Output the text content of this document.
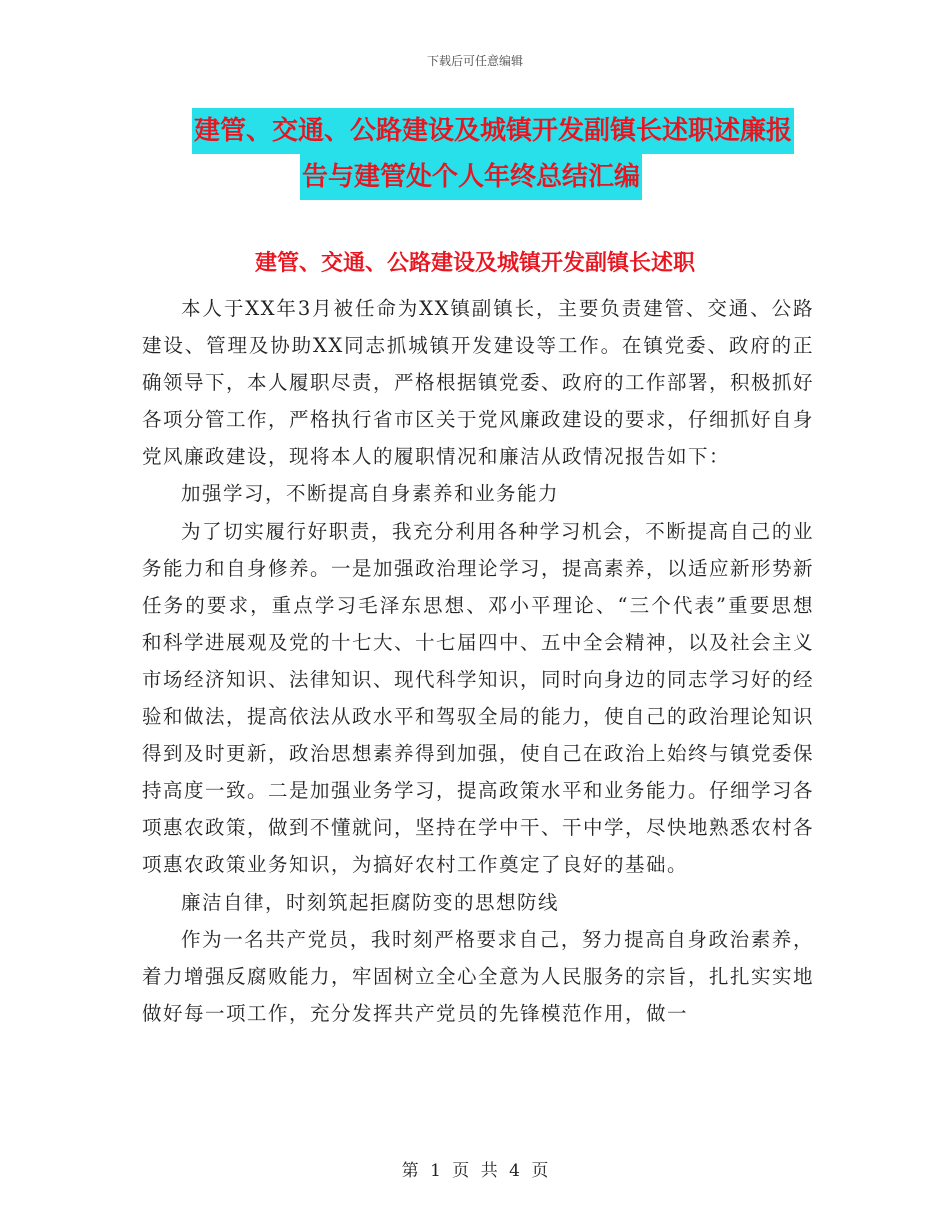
下载后可任意编辑
建管、交通、公路建设及城镇开发副镇长述职述廉报
告与建管处个人年终总结汇编
建管、交通、公路建设及城镇开发副镇长述职

本人于XX年3月被任命为XX镇副镇长，主要负责建管、交通、公路建设、管理及协助XX同志抓城镇开发建设等工作。在镇党委、政府的正确领导下，本人履职尽责，严格根据镇党委、政府的工作部署，积极抓好各项分管工作，严格执行省市区关于党风廉政建设的要求，仔细抓好自身党风廉政建设，现将本人的履职情况和廉洁从政情况报告如下：

加强学习，不断提高自身素养和业务能力

为了切实履行好职责，我充分利用各种学习机会，不断提高自己的业务能力和自身修养。一是加强政治理论学习，提高素养，以适应新形势新任务的要求，重点学习毛泽东思想、邓小平理论、“三个代表”重要思想和科学进展观及党的十七大、十七届四中、五中全会精神，以及社会主义市场经济知识、法律知识、现代科学知识，同时向身边的同志学习好的经验和做法，提高依法从政水平和驾驭全局的能力，使自己的政治理论知识得到及时更新，政治思想素养得到加强，使自己在政治上始终与镇党委保持高度一致。二是加强业务学习，提高政策水平和业务能力。仔细学习各项惠农政策，做到不懂就问，坚持在学中干、干中学，尽快地熟悉农村各项惠农政策业务知识，为搞好农村工作奠定了良好的基础。

廉洁自律，时刻筑起拒腐防变的思想防线

作为一名共产党员，我时刻严格要求自己，努力提高自身政治素养，着力增强反腐败能力，牢固树立全心全意为人民服务的宗旨，扎扎实实地做好每一项工作，充分发挥共产党员的先锋模范作用，做一

第 1 页 共 4 页
